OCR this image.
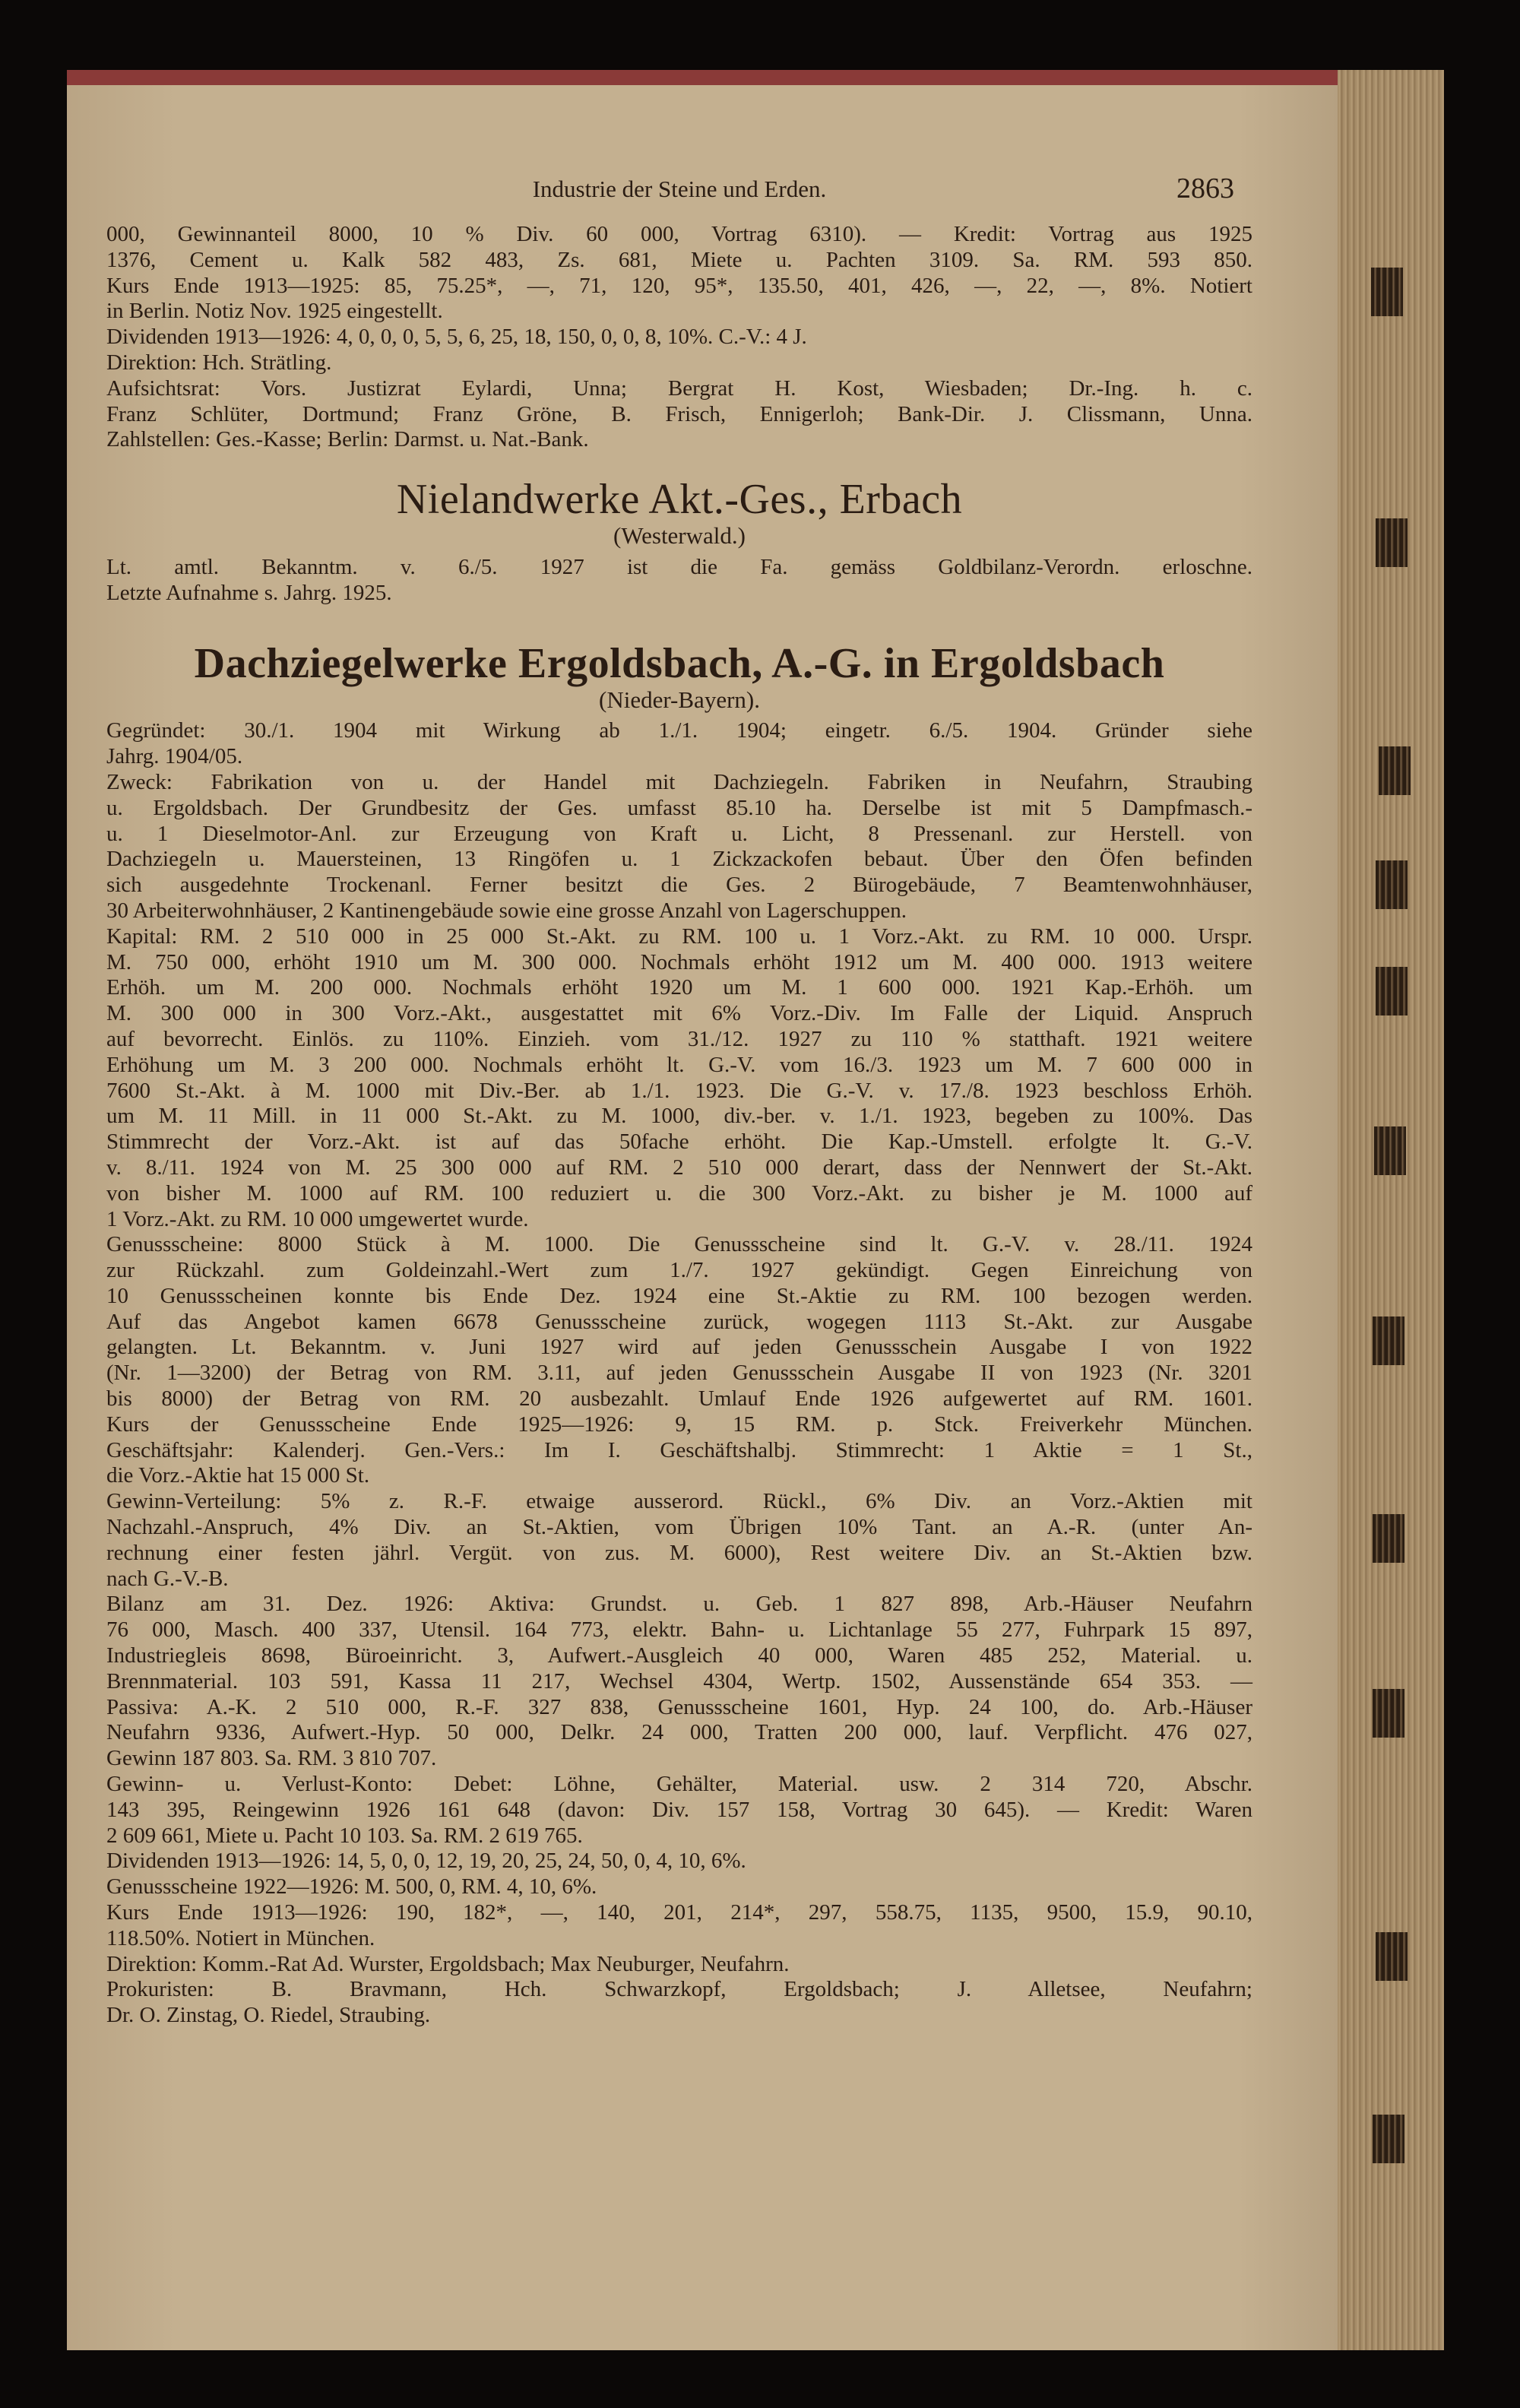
Industrie der Steine und Erden.	2863
000, Gewinnanteil 8000, 10 % Div. 60 000, Vortrag 6310). — Kredit: Vortrag aus 1925
1376, Cement u. Kalk 582 483, Zs. 681, Miete u. Pachten 3109. Sa. RM. 593 850.
Kurs Ende 1913—1925: 85, 75.25*, —, 71, 120, 95*, 135.50, 401, 426, —, 22, —, 8%. Notiert
in Berlin. Notiz Nov. 1925 eingestellt.
Dividenden 1913—1926: 4, 0, 0, 0, 5, 5, 6, 25, 18, 150, 0, 0, 8, 10%. C.-V.: 4 J.
Direktion: Hch. Strätling.
Aufsichtsrat: Vors. Justizrat Eylardi, Unna; Bergrat H. Kost, Wiesbaden; Dr.-Ing. h. c.
Franz Schlüter, Dortmund; Franz Gröne, B. Frisch, Ennigerloh; Bank-Dir. J. Clissmann, Unna.
Zahlstellen: Ges.-Kasse; Berlin: Darmst. u. Nat.-Bank.
Nielandwerke Akt.-Ges., Erbach
(Westerwald.)
Lt. amtl. Bekanntm. v. 6./5. 1927 ist die Fa. gemäss Goldbilanz-Verordn. erloschne.
Letzte Aufnahme s. Jahrg. 1925.
Dachziegelwerke Ergoldsbach, A.-G. in Ergoldsbach
(Nieder-Bayern).
Gegründet: 30./1. 1904 mit Wirkung ab 1./1. 1904; eingetr. 6./5. 1904. Gründer siehe
Jahrg. 1904/05.
Zweck: Fabrikation von u. der Handel mit Dachziegeln. Fabriken in Neufahrn, Straubing
u. Ergoldsbach. Der Grundbesitz der Ges. umfasst 85.10 ha. Derselbe ist mit 5 Dampfmasch.-
u. 1 Dieselmotor-Anl. zur Erzeugung von Kraft u. Licht, 8 Pressenanl. zur Herstell. von
Dachziegeln u. Mauersteinen, 13 Ringöfen u. 1 Zickzackofen bebaut. Über den Öfen befinden
sich ausgedehnte Trockenanl. Ferner besitzt die Ges. 2 Bürogebäude, 7 Beamtenwohnhäuser,
30 Arbeiterwohnhäuser, 2 Kantinengebäude sowie eine grosse Anzahl von Lagerschuppen.
Kapital: RM. 2 510 000 in 25 000 St.-Akt. zu RM. 100 u. 1 Vorz.-Akt. zu RM. 10 000. Urspr.
M. 750 000, erhöht 1910 um M. 300 000. Nochmals erhöht 1912 um M. 400 000. 1913 weitere
Erhöh. um M. 200 000. Nochmals erhöht 1920 um M. 1 600 000. 1921 Kap.-Erhöh. um
M. 300 000 in 300 Vorz.-Akt., ausgestattet mit 6% Vorz.-Div. Im Falle der Liquid. Anspruch
auf bevorrecht. Einlös. zu 110%. Einzieh. vom 31./12. 1927 zu 110 % statthaft. 1921 weitere
Erhöhung um M. 3 200 000. Nochmals erhöht lt. G.-V. vom 16./3. 1923 um M. 7 600 000 in
7600 St.-Akt. à M. 1000 mit Div.-Ber. ab 1./1. 1923. Die G.-V. v. 17./8. 1923 beschloss Erhöh.
um M. 11 Mill. in 11 000 St.-Akt. zu M. 1000, div.-ber. v. 1./1. 1923, begeben zu 100%. Das
Stimmrecht der Vorz.-Akt. ist auf das 50fache erhöht. Die Kap.-Umstell. erfolgte lt. G.-V.
v. 8./11. 1924 von M. 25 300 000 auf RM. 2 510 000 derart, dass der Nennwert der St.-Akt.
von bisher M. 1000 auf RM. 100 reduziert u. die 300 Vorz.-Akt. zu bisher je M. 1000 auf
1 Vorz.-Akt. zu RM. 10 000 umgewertet wurde.
Genussscheine: 8000 Stück à M. 1000. Die Genussscheine sind lt. G.-V. v. 28./11. 1924
zur Rückzahl. zum Goldeinzahl.-Wert zum 1./7. 1927 gekündigt. Gegen Einreichung von
10 Genussscheinen konnte bis Ende Dez. 1924 eine St.-Aktie zu RM. 100 bezogen werden.
Auf das Angebot kamen 6678 Genussscheine zurück, wogegen 1113 St.-Akt. zur Ausgabe
gelangten. Lt. Bekanntm. v. Juni 1927 wird auf jeden Genussschein Ausgabe I von 1922
(Nr. 1—3200) der Betrag von RM. 3.11, auf jeden Genussschein Ausgabe II von 1923 (Nr. 3201
bis 8000) der Betrag von RM. 20 ausbezahlt. Umlauf Ende 1926 aufgewertet auf RM. 1601.
Kurs der Genussscheine Ende 1925—1926: 9, 15 RM. p. Stck. Freiverkehr München.
Geschäftsjahr: Kalenderj. Gen.-Vers.: Im I. Geschäftshalbj. Stimmrecht: 1 Aktie = 1 St.,
die Vorz.-Aktie hat 15 000 St.
Gewinn-Verteilung: 5% z. R.-F. etwaige ausserord. Rückl., 6% Div. an Vorz.-Aktien mit
Nachzahl.-Anspruch, 4% Div. an St.-Aktien, vom Übrigen 10% Tant. an A.-R. (unter An-
rechnung einer festen jährl. Vergüt. von zus. M. 6000), Rest weitere Div. an St.-Aktien bzw.
nach G.-V.-B.
Bilanz am 31. Dez. 1926: Aktiva: Grundst. u. Geb. 1 827 898, Arb.-Häuser Neufahrn
76 000, Masch. 400 337, Utensil. 164 773, elektr. Bahn- u. Lichtanlage 55 277, Fuhrpark 15 897,
Industriegleis 8698, Büroeinricht. 3, Aufwert.-Ausgleich 40 000, Waren 485 252, Material. u.
Brennmaterial. 103 591, Kassa 11 217, Wechsel 4304, Wertp. 1502, Aussenstände 654 353. —
Passiva: A.-K. 2 510 000, R.-F. 327 838, Genussscheine 1601, Hyp. 24 100, do. Arb.-Häuser
Neufahrn 9336, Aufwert.-Hyp. 50 000, Delkr. 24 000, Tratten 200 000, lauf. Verpflicht. 476 027,
Gewinn 187 803. Sa. RM. 3 810 707.
Gewinn- u. Verlust-Konto: Debet: Löhne, Gehälter, Material. usw. 2 314 720, Abschr.
143 395, Reingewinn 1926 161 648 (davon: Div. 157 158, Vortrag 30 645). — Kredit: Waren
2 609 661, Miete u. Pacht 10 103. Sa. RM. 2 619 765.
Dividenden 1913—1926: 14, 5, 0, 0, 12, 19, 20, 25, 24, 50, 0, 4, 10, 6%.
Genussscheine 1922—1926: M. 500, 0, RM. 4, 10, 6%.
Kurs Ende 1913—1926: 190, 182*, —, 140, 201, 214*, 297, 558.75, 1135, 9500, 15.9, 90.10,
118.50%. Notiert in München.
Direktion: Komm.-Rat Ad. Wurster, Ergoldsbach; Max Neuburger, Neufahrn.
Prokuristen: B. Bravmann, Hch. Schwarzkopf, Ergoldsbach; J. Alletsee, Neufahrn;
Dr. O. Zinstag, O. Riedel, Straubing.
